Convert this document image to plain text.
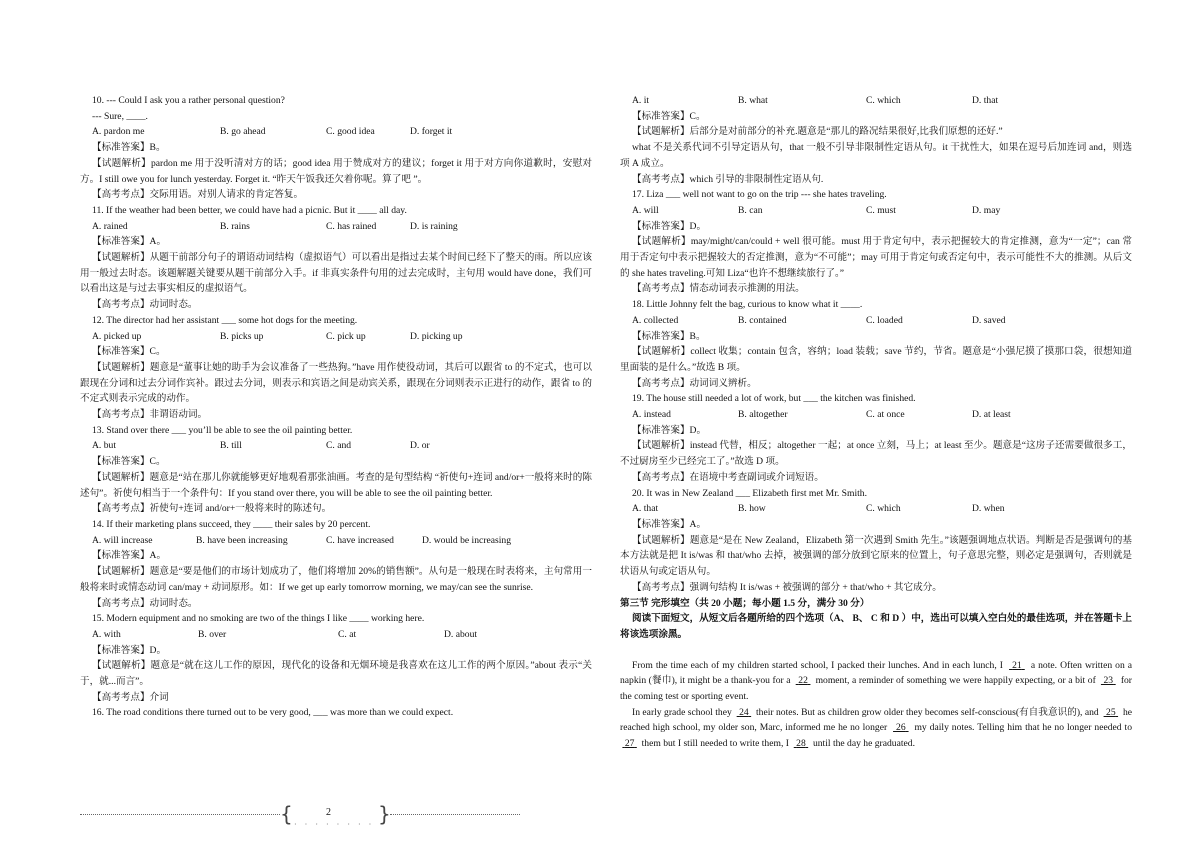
10. --- Could I ask you a rather personal question?
--- Sure, ____.
A. pardon me	B. go ahead	C. good idea	D. forget it
【标准答案】B。
【试题解析】pardon me 用于没听清对方的话；good idea 用于赞成对方的建议；forget it 用于对方向你道歉时，安慰对方。I still owe you for lunch yesterday. Forget it. “昨天午饭我还欠着你呢。算了吧 ”。
【高考考点】交际用语。对别人请求的肯定答复。
11. If the weather had been better, we could have had a picnic. But it ____ all day.
A. rained	B. rains	C. has rained	D. is raining
【标准答案】A。
【试题解析】从题干前部分句子的谓语动词结构（虚拟语气）可以看出是指过去某个时间已经下了整天的雨。所以应该用一般过去时态。该题解题关键要从题干前部分入手。if 非真实条件句用的过去完成时，主句用 would have done，我们可以看出这是与过去事实相反的虚拟语气。
【高考考点】动词时态。
12. The director had her assistant ___ some hot dogs for the meeting.
A. picked up	B. picks up	C. pick up	D. picking up
【标准答案】C。
【试题解析】题意是“董事让她的助手为会议准备了一些热狗。”have 用作使役动词，其后可以跟省 to 的不定式，也可以跟现在分词和过去分词作宾补。跟过去分词，则表示和宾语之间是动宾关系，跟现在分词则表示正进行的动作，跟省 to 的不定式则表示完成的动作。
【高考考点】非谓语动词。
13. Stand over there ___ you’ll be able to see the oil painting better.
A. but	B. till	C. and	D. or
【标准答案】C。
【试题解析】题意是“站在那儿你就能够更好地观看那张油画。考查的是句型结构 “祈使句+连词 and/or+一般将来时的陈述句”。祈使句相当于一个条件句：If you stand over there, you will be able to see the oil painting better.
【高考考点】祈使句+连词 and/or+一般将来时的陈述句。
14. If their marketing plans succeed, they ____ their sales by 20 percent.
A. will increase	B. have been increasing	C. have increased	D. would be increasing
【标准答案】A。
【试题解析】题意是“要是他们的市场计划成功了，他们将增加 20%的销售额”。从句是一般现在时表将来，主句常用一般将来时或情态动词 can/may + 动词原形。如：If we get up early tomorrow morning, we may/can see the sunrise.
【高考考点】动词时态。
15. Modern equipment and no smoking are two of the things I like ____ working here.
A. with	B. over	C. at	D. about
【标准答案】D。
【试题解析】题意是“就在这儿工作的原因，现代化的设备和无烟环境是我喜欢在这儿工作的两个原因。”about 表示“关于，就...而言”。
【高考考点】介词
16. The road conditions there turned out to be very good, ___ was more than we could expect.
A. it	B. what	C. which	D. that
【标准答案】C。
【试题解析】后部分是对前部分的补充.题意是“那儿的路况结果很好,比我们原想的还好.”
what 不是关系代词不引导定语从句，that 一般不引导非限制性定语从句。it 干扰性大，如果在逗号后加连词 and，则选项 A 成立。
【高考考点】which 引导的非限制性定语从句.
17. Liza ___ well not want to go on the trip --- she hates traveling.
A. will	B. can	C. must	D. may
【标准答案】D。
【试题解析】may/might/can/could + well 很可能。must 用于肯定句中，表示把握较大的肯定推测，意为“一定”；can 常用于否定句中表示把握较大的否定推测，意为“不可能”；may 可用于肯定句或否定句中，表示可能性不大的推测。从后文的 she hates traveling.可知 Liza“也许不想继续旅行了。”
【高考考点】情态动词表示推测的用法。
18. Little Johnny felt the bag, curious to know what it ____.
A. collected	B. contained	C. loaded	D. saved
【标准答案】B。
【试题解析】collect 收集；contain 包含，容纳；load 装载；save 节约，节省。题意是“小强尼摸了摸那口袋，很想知道里面装的是什么。”故选 B 项。
【高考考点】动词词义辨析。
19. The house still needed a lot of work, but ___ the kitchen was finished.
A. instead	B. altogether	C. at once	D. at least
【标准答案】D。
【试题解析】instead 代替，相反；altogether 一起；at once 立刻，马上；at least 至少。题意是“这房子还需要做很多工，不过厨房至少已经完工了。”故选 D 项。
【高考考点】在语境中考查副词或介词短语。
20. It was in New Zealand ___ Elizabeth first met Mr. Smith.
A. that	B. how	C. which	D. when
【标准答案】A。
【试题解析】题意是“是在 New Zealand，Elizabeth 第一次遇到 Smith 先生。”该题强调地点状语。判断是否是强调句的基本方法就是把 It is/was 和 that/who 去掉，被强调的部分放到它原来的位置上，句子意思完整，则必定是强调句，否则就是状语从句或定语从句。
【高考考点】强调句结构 It is/was + 被强调的部分 + that/who + 其它成分。
第三节 完形填空（共 20 小题；每小题 1.5 分，满分 30 分）
阅读下面短文，从短文后各题所给的四个选项（A、 B、 C 和 D ）中，选出可以填入空白处的最佳选项，并在答题卡上将该选项涂黑。
From the time each of my children started school, I packed their lunches. And in each lunch, I 21 a note. Often written on a napkin (餐巾), it might be a thank-you for a 22 moment, a reminder of something we were happily expecting, or a bit of 23 for the coming test or sporting event.
In early grade school they 24 their notes. But as children grow older they becomes self-conscious(有自我意识的), and 25 he reached high school, my older son, Marc, informed me he no longer 26 my daily notes. Telling him that he no longer needed to   27 them but I still needed to write them, I 28 until the day he graduated.
{	2
· · · · · · · · }
